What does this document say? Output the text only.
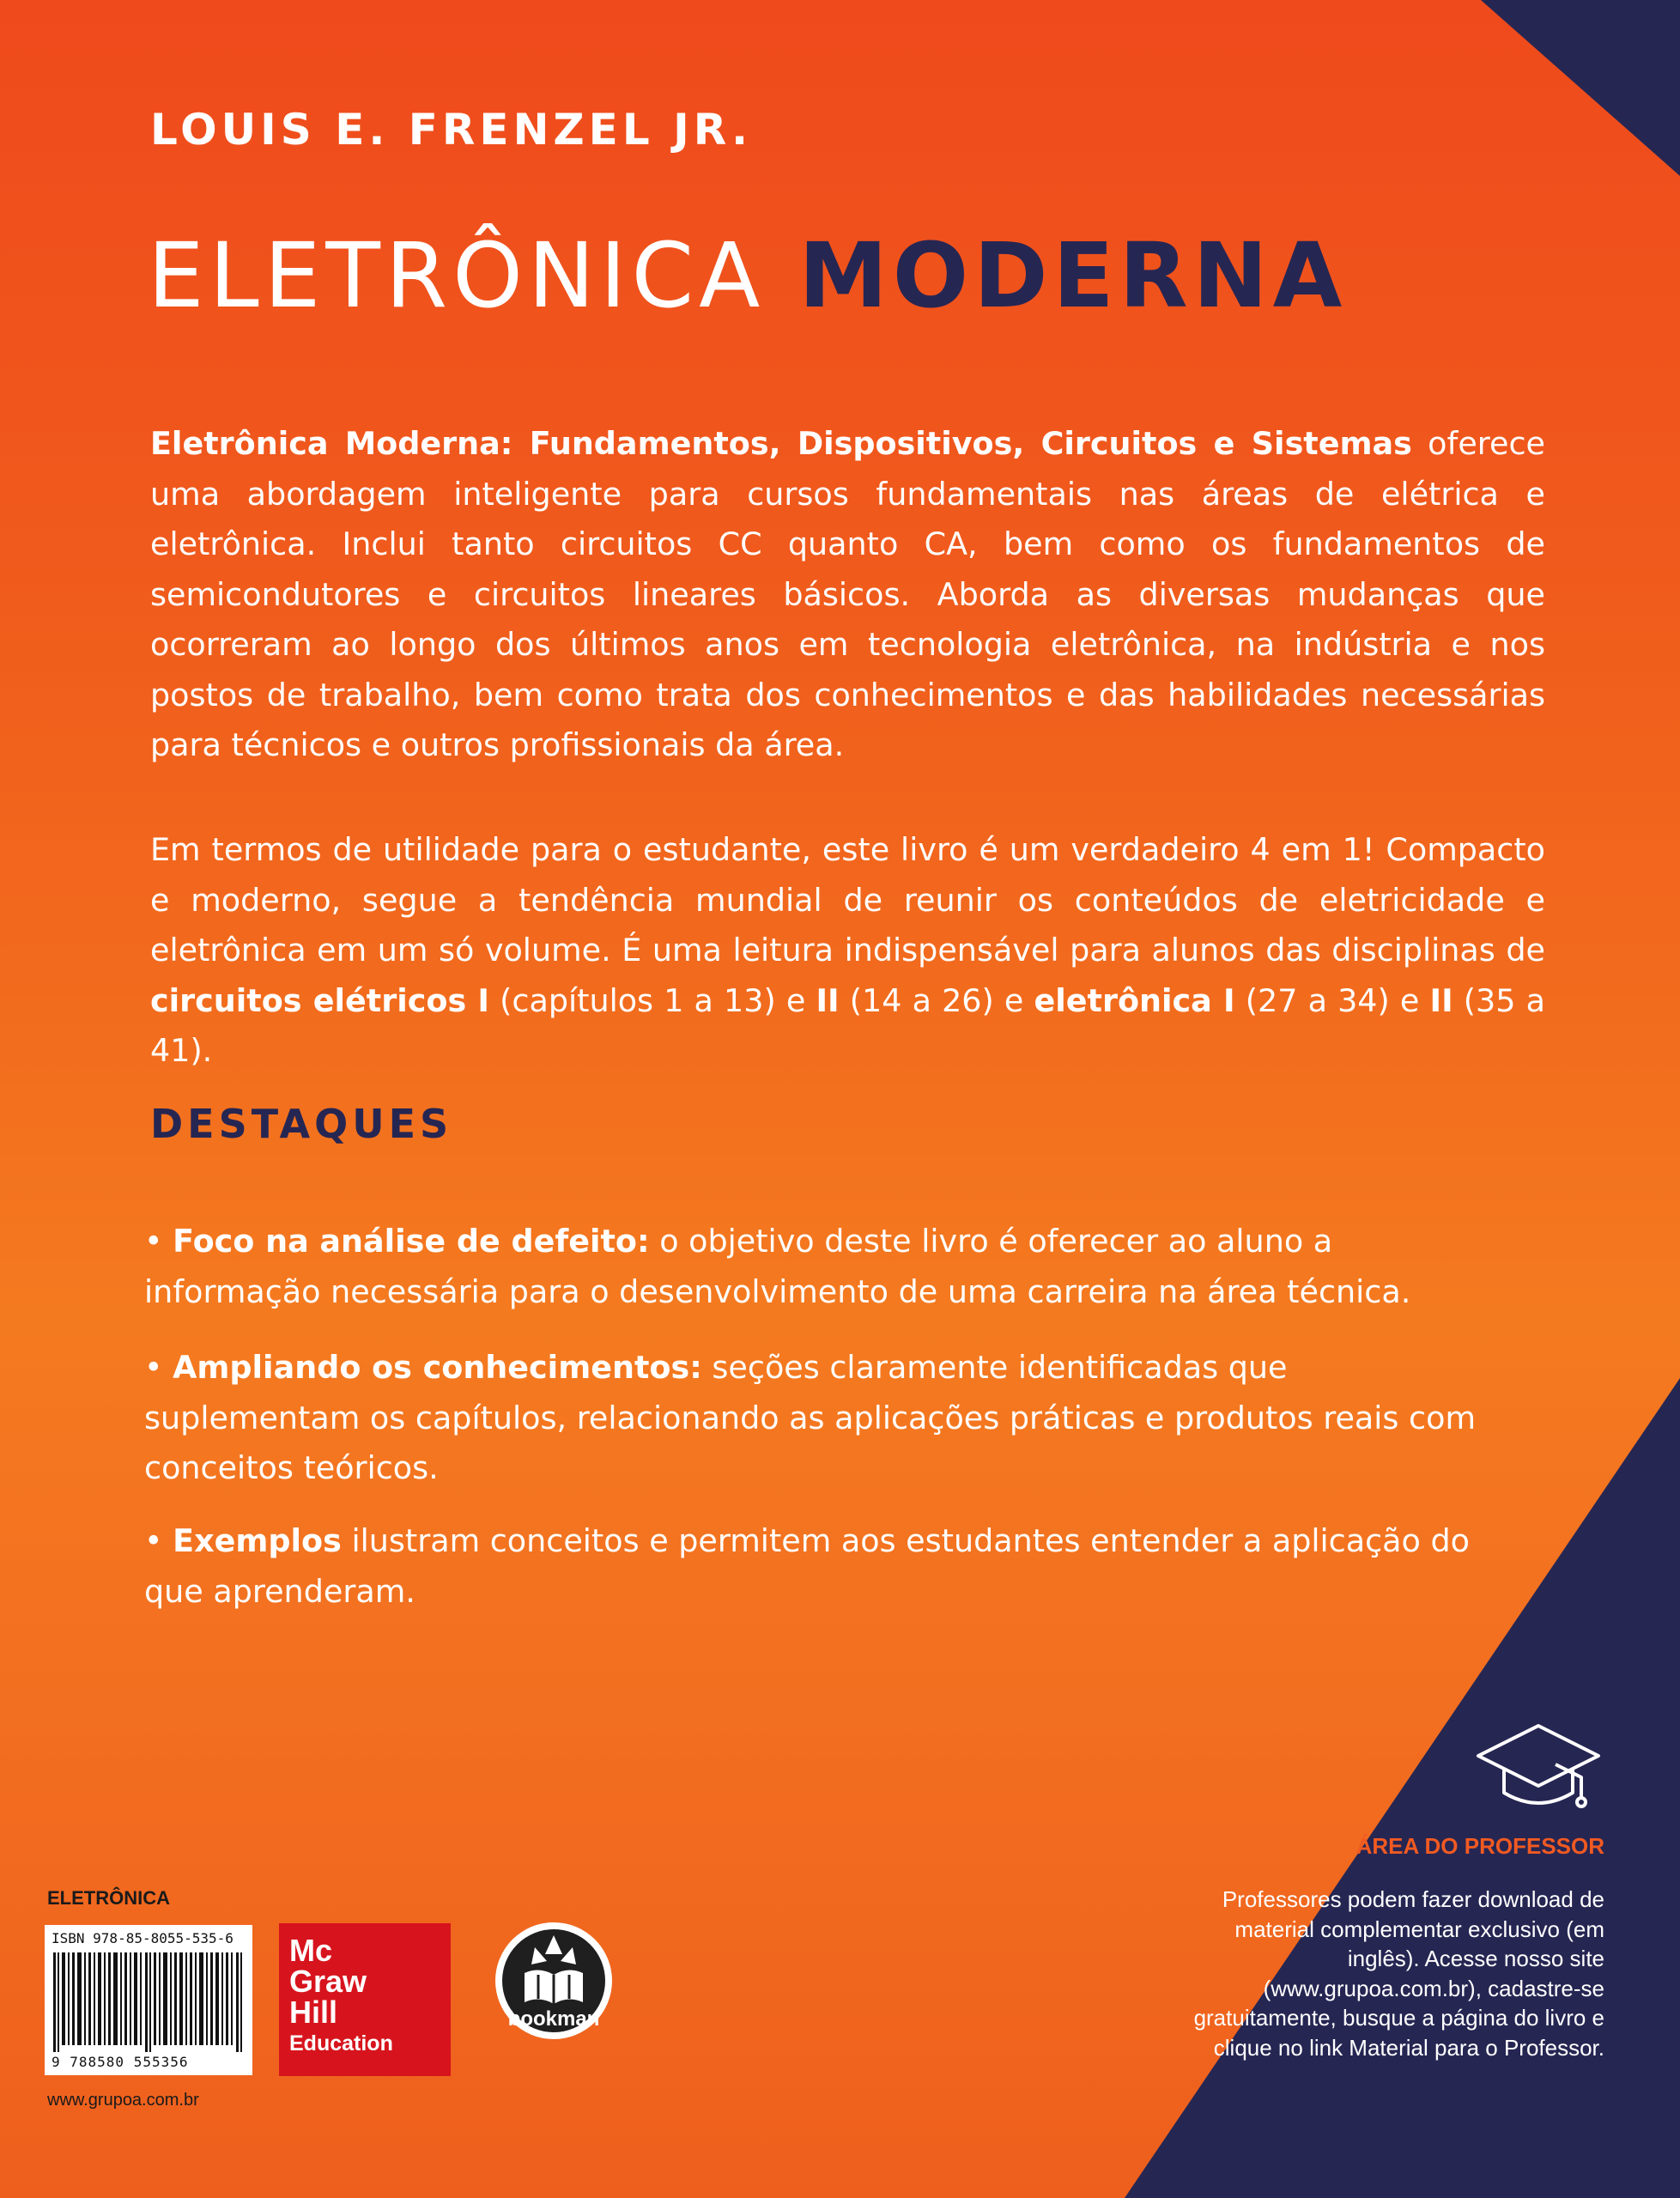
LOUIS E. FRENZEL JR.
ELETRÔNICA MODERNA
Eletrônica Moderna: Fundamentos, Dispositivos, Circuitos e Sistemas oferece uma abordagem inteligente para cursos fundamentais nas áreas de elétrica e eletrônica. Inclui tanto circuitos CC quanto CA, bem como os fundamentos de semicondutores e circuitos lineares básicos. Aborda as diversas mudanças que ocorreram ao longo dos últimos anos em tecnologia eletrônica, na indústria e nos postos de trabalho, bem como trata dos conhecimentos e das habilidades necessárias para técnicos e outros profissionais da área.
Em termos de utilidade para o estudante, este livro é um verdadeiro 4 em 1! Compacto e moderno, segue a tendência mundial de reunir os conteúdos de eletricidade e eletrônica em um só volume. É uma leitura indispensável para alunos das disciplinas de circuitos elétricos I (capítulos 1 a 13) e II (14 a 26) e eletrônica I (27 a 34) e II (35 a 41).
DESTAQUES
• Foco na análise de defeito: o objetivo deste livro é oferecer ao aluno a informação necessária para o desenvolvimento de uma carreira na área técnica.
• Ampliando os conhecimentos: seções claramente identificadas que suplementam os capítulos, relacionando as aplicações práticas e produtos reais com conceitos teóricos.
• Exemplos ilustram conceitos e permitem aos estudantes entender a aplicação do que aprenderam.
ELETRÔNICA
ISBN 978-85-8055-535-6
9 788580 555356
Mc
Graw
Hill
Education
bookman
www.grupoa.com.br
ÁREA DO PROFESSOR
Professores podem fazer download de material complementar exclusivo (em inglês). Acesse nosso site (www.grupoa.com.br), cadastre-se gratuitamente, busque a página do livro e clique no link Material para o Professor.
